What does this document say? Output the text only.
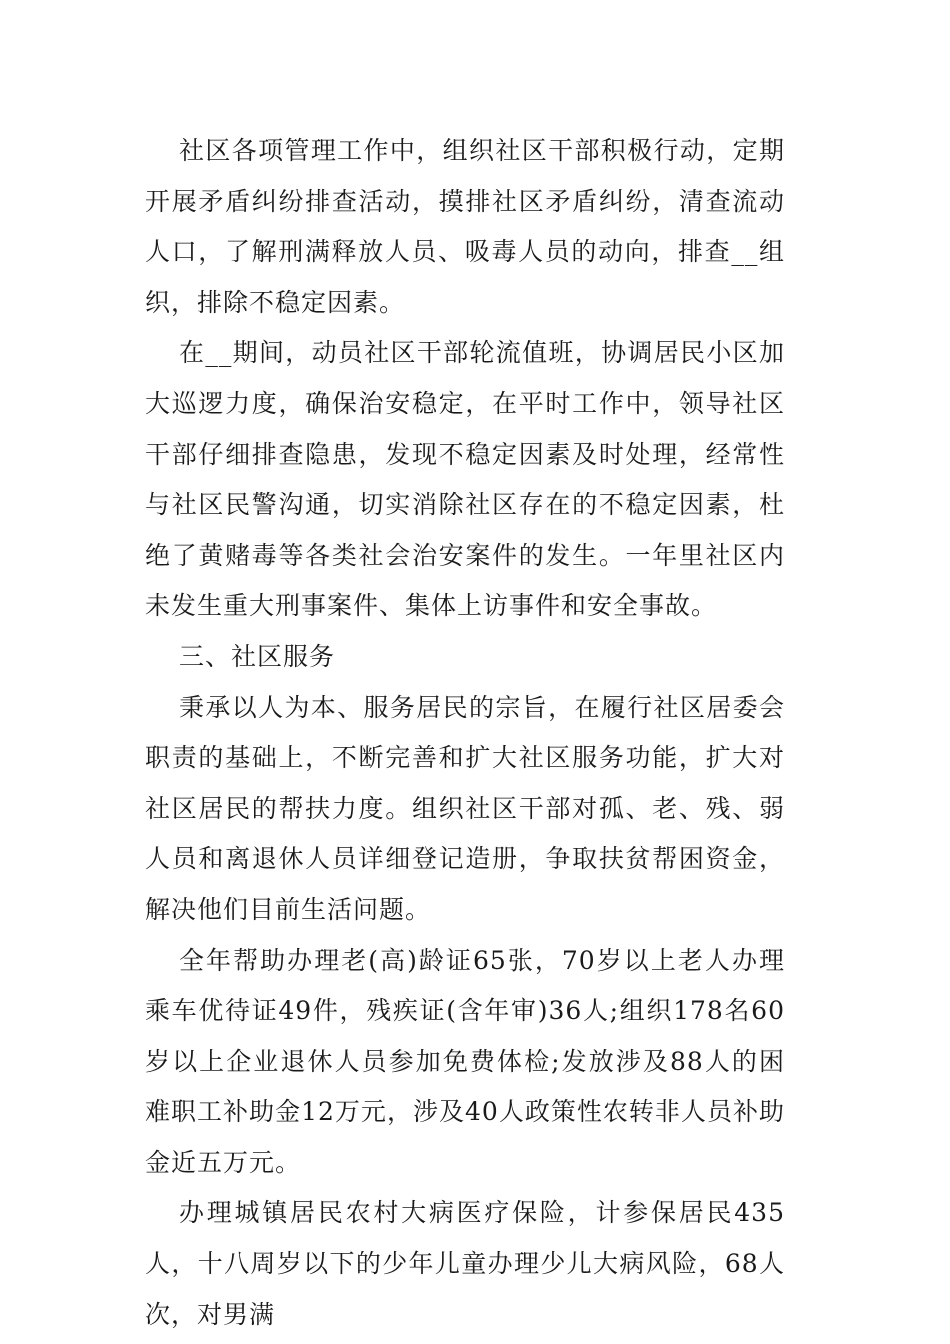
社区各项管理工作中，组织社区干部积极行动，定期开展矛盾纠纷排查活动，摸排社区矛盾纠纷，清查流动人口，了解刑满释放人员、吸毒人员的动向，排查__组织，排除不稳定因素。

在__期间，动员社区干部轮流值班，协调居民小区加大巡逻力度，确保治安稳定，在平时工作中，领导社区干部仔细排查隐患，发现不稳定因素及时处理，经常性与社区民警沟通，切实消除社区存在的不稳定因素，杜绝了黄赌毒等各类社会治安案件的发生。一年里社区内未发生重大刑事案件、集体上访事件和安全事故。

三、社区服务

秉承以人为本、服务居民的宗旨，在履行社区居委会职责的基础上，不断完善和扩大社区服务功能，扩大对社区居民的帮扶力度。组织社区干部对孤、老、残、弱人员和离退休人员详细登记造册，争取扶贫帮困资金，解决他们目前生活问题。

全年帮助办理老(高)龄证65张，70岁以上老人办理乘车优待证49件，残疾证(含年审)36人;组织178名60岁以上企业退休人员参加免费体检;发放涉及88人的困难职工补助金12万元，涉及40人政策性农转非人员补助金近五万元。

办理城镇居民农村大病医疗保险，计参保居民435人，十八周岁以下的少年儿童办理少儿大病风险，68人次，对男满
